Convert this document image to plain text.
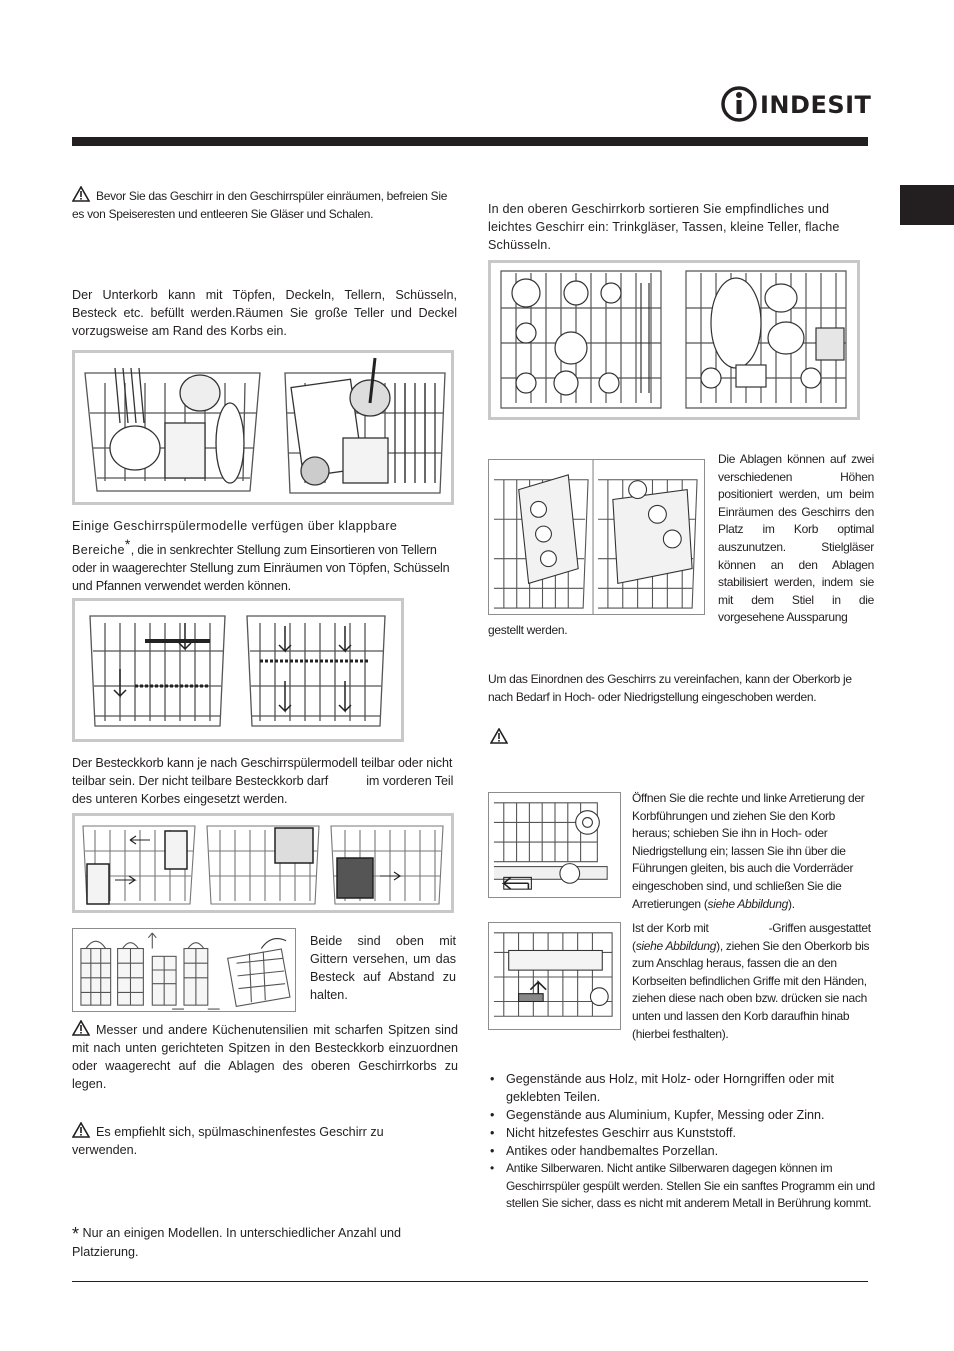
INDESIT
Bevor Sie das Geschirr in den Geschirrspüler einräumen, befreien Sie es von Speiseresten und entleeren Sie Gläser und Schalen.
Der Unterkorb kann mit Töpfen, Deckeln, Tellern, Schüsseln, Besteck etc. befüllt werden.Räumen Sie große Teller und Deckel vorzugsweise am Rand des Korbs ein.
Einige Geschirrspülermodelle verfügen über klappbare Bereiche*, die in senkrechter Stellung zum Einsortieren von Tellern oder in waagerechter Stellung zum Einräumen von Töpfen, Schüsseln und Pfannen verwendet werden können.
Der Besteckkorb kann je nach Geschirrspülermodell teilbar oder nicht teilbar sein. Der nicht teilbare Besteckkorb darf	im vorderen Teil des unteren Korbes eingesetzt werden.
Beide sind oben mit Gittern versehen, um das Besteck auf Abstand zu halten.
Messer und andere Küchenutensilien mit scharfen Spitzen sind mit nach unten gerichteten Spitzen in den Besteckkorb einzuordnen oder waagerecht auf die Ablagen des oberen Geschirrkorbs zu legen.
Es empfiehlt sich, spülmaschinenfestes Geschirr zu verwenden.
* Nur an einigen Modellen. In unterschiedlicher Anzahl und Platzierung.
In den oberen Geschirrkorb sortieren Sie empfindliches und leichtes Geschirr ein: Trinkgläser, Tassen, kleine Teller, flache Schüsseln.
Die Ablagen können auf zwei verschiedenen Höhen positioniert werden, um beim Einräumen des Geschirrs den Platz im Korb optimal auszunutzen. Stielgläser können an den Ablagen stabilisiert werden, indem sie mit dem Stiel in die vorgesehene Aussparung
gestellt werden.
Um das Einordnen des Geschirrs zu vereinfachen, kann der Oberkorb je nach Bedarf in Hoch- oder Niedrigstellung eingeschoben werden.
Öffnen Sie die rechte und linke Arretierung der Korbführungen und ziehen Sie den Korb heraus; schieben Sie ihn in Hoch- oder Niedrigstellung ein; lassen Sie ihn über die Führungen gleiten, bis auch die Vorderräder eingeschoben sind, und schließen Sie die Arretierungen (siehe Abbildung).
Ist der Korb mit	-Griffen ausgestattet (siehe Abbildung), ziehen Sie den Oberkorb bis zum Anschlag heraus, fassen die an den Korbseiten befindlichen Griffe mit den Händen, ziehen diese nach oben bzw. drücken sie nach unten und lassen den Korb daraufhin hinab (hierbei festhalten).
• Gegenstände aus Holz, mit Holz- oder Horngriffen oder mit geklebten Teilen.
• Gegenstände aus Aluminium, Kupfer, Messing oder Zinn.
• Nicht hitzefestes Geschirr aus Kunststoff.
• Antikes oder handbemaltes Porzellan.
• Antike Silberwaren. Nicht antike Silberwaren dagegen können im Geschirrspüler gespült werden. Stellen Sie ein sanftes Programm ein und stellen Sie sicher, dass es nicht mit anderem Metall in Berührung kommt.
